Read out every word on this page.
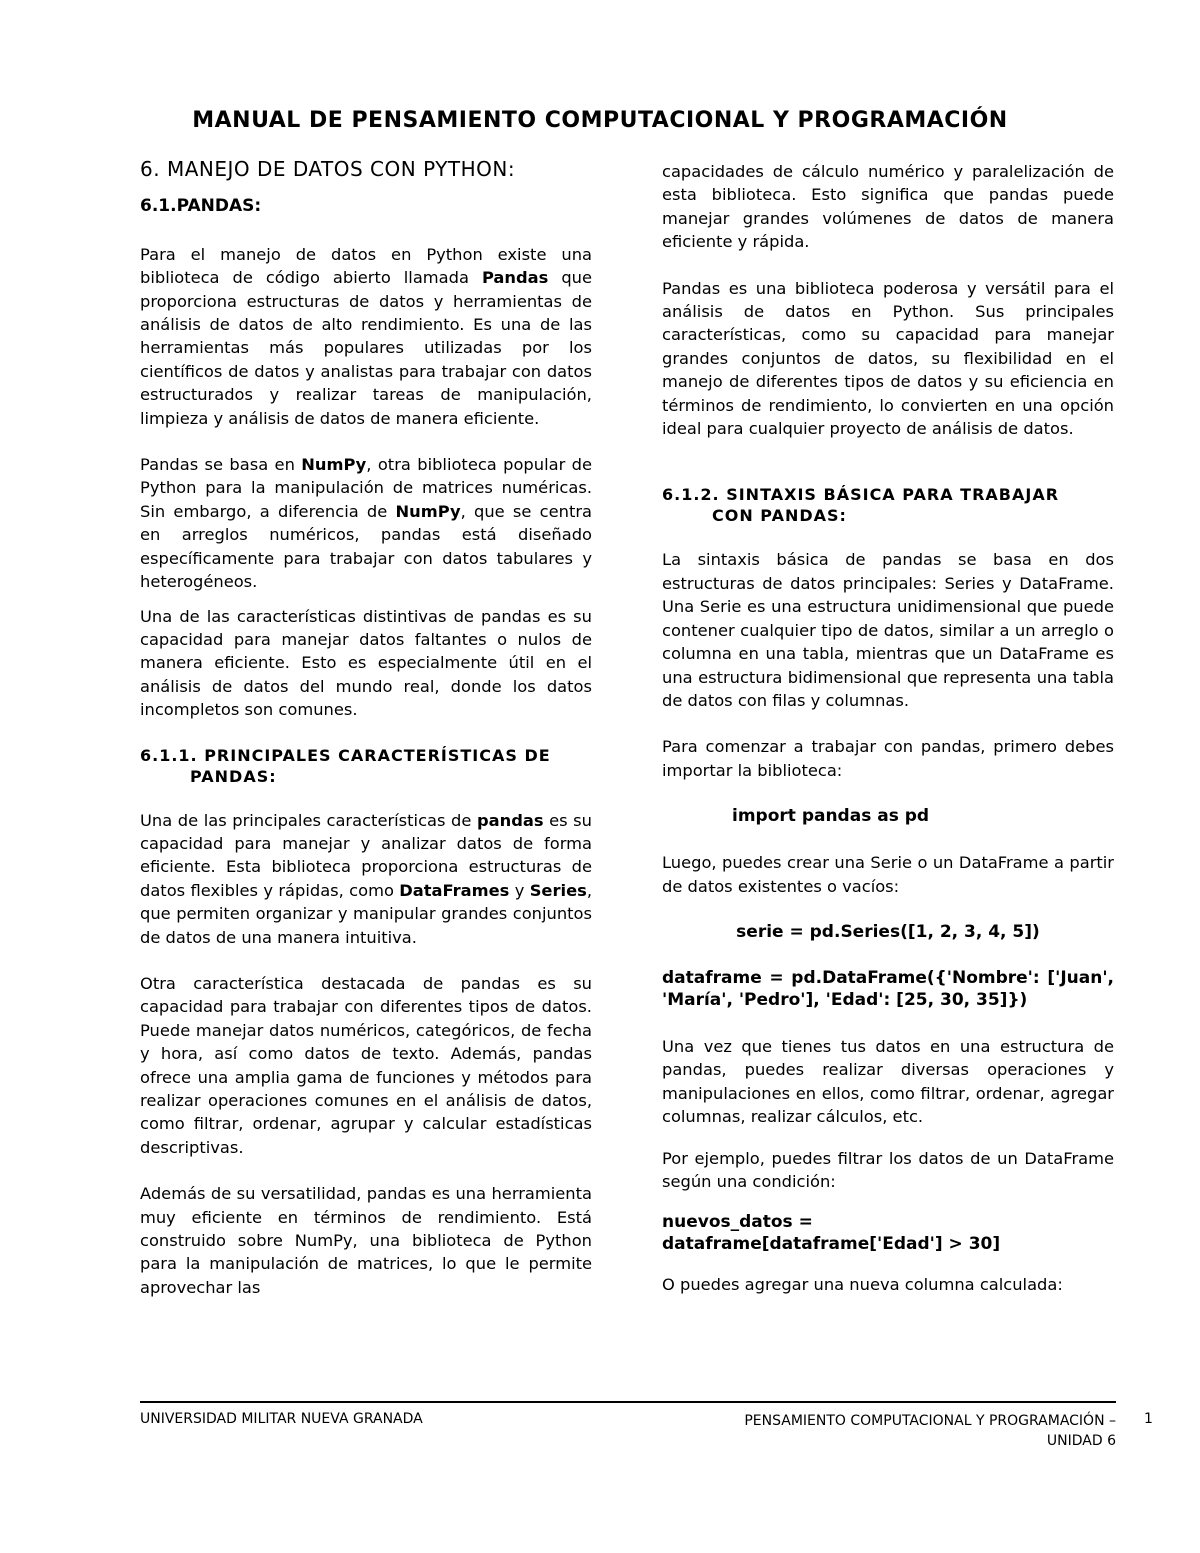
MANUAL DE PENSAMIENTO COMPUTACIONAL Y PROGRAMACIÓN
6. MANEJO DE DATOS CON PYTHON:
6.1.PANDAS:

Para el manejo de datos en Python existe una biblioteca de código abierto llamada Pandas que proporciona estructuras de datos y herramientas de análisis de datos de alto rendimiento. Es una de las herramientas más populares utilizadas por los científicos de datos y analistas para trabajar con datos estructurados y realizar tareas de manipulación, limpieza y análisis de datos de manera eficiente.

Pandas se basa en NumPy, otra biblioteca popular de Python para la manipulación de matrices numéricas. Sin embargo, a diferencia de NumPy, que se centra en arreglos numéricos, pandas está diseñado específicamente para trabajar con datos tabulares y heterogéneos.

Una de las características distintivas de pandas es su capacidad para manejar datos faltantes o nulos de manera eficiente. Esto es especialmente útil en el análisis de datos del mundo real, donde los datos incompletos son comunes.

6.1.1. PRINCIPALES CARACTERÍSTICAS DE
PANDAS:

Una de las principales características de pandas es su capacidad para manejar y analizar datos de forma eficiente. Esta biblioteca proporciona estructuras de datos flexibles y rápidas, como DataFrames y Series, que permiten organizar y manipular grandes conjuntos de datos de una manera intuitiva.

Otra característica destacada de pandas es su capacidad para trabajar con diferentes tipos de datos. Puede manejar datos numéricos, categóricos, de fecha y hora, así como datos de texto. Además, pandas ofrece una amplia gama de funciones y métodos para realizar operaciones comunes en el análisis de datos, como filtrar, ordenar, agrupar y calcular estadísticas descriptivas.

Además de su versatilidad, pandas es una herramienta muy eficiente en términos de rendimiento. Está construido sobre NumPy, una biblioteca de Python para la manipulación de matrices, lo que le permite aprovechar las

capacidades de cálculo numérico y paralelización de esta biblioteca. Esto significa que pandas puede manejar grandes volúmenes de datos de manera eficiente y rápida.

Pandas es una biblioteca poderosa y versátil para el análisis de datos en Python. Sus principales características, como su capacidad para manejar grandes conjuntos de datos, su flexibilidad en el manejo de diferentes tipos de datos y su eficiencia en términos de rendimiento, lo convierten en una opción ideal para cualquier proyecto de análisis de datos.

6.1.2. SINTAXIS BÁSICA PARA TRABAJAR
CON PANDAS:

La sintaxis básica de pandas se basa en dos estructuras de datos principales: Series y DataFrame. Una Serie es una estructura unidimensional que puede contener cualquier tipo de datos, similar a un arreglo o columna en una tabla, mientras que un DataFrame es una estructura bidimensional que representa una tabla de datos con filas y columnas.

Para comenzar a trabajar con pandas, primero debes importar la biblioteca:

import pandas as pd

Luego, puedes crear una Serie o un DataFrame a partir de datos existentes o vacíos:

serie = pd.Series([1, 2, 3, 4, 5])
dataframe = pd.DataFrame({'Nombre': ['Juan', 'María', 'Pedro'], 'Edad': [25, 30, 35]})

Una vez que tienes tus datos en una estructura de pandas, puedes realizar diversas operaciones y manipulaciones en ellos, como filtrar, ordenar, agregar columnas, realizar cálculos, etc.

Por ejemplo, puedes filtrar los datos de un DataFrame según una condición:

nuevos_datos =
dataframe[dataframe['Edad'] > 30]

O puedes agregar una nueva columna calculada:

UNIVERSIDAD MILITAR NUEVA GRANADA	PENSAMIENTO COMPUTACIONAL Y PROGRAMACIÓN –
UNIDAD 6
1
